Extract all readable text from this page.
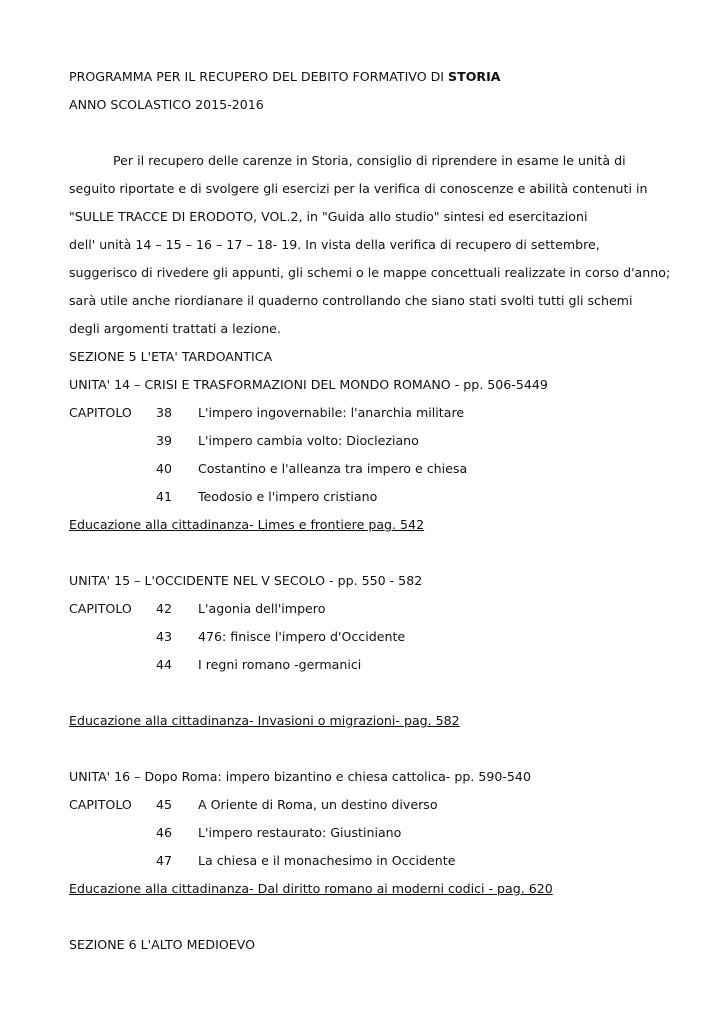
PROGRAMMA PER IL RECUPERO DEL DEBITO FORMATIVO DI STORIA
ANNO SCOLASTICO 2015-2016
Per il recupero delle carenze in Storia, consiglio di riprendere in esame le unità di
seguito riportate e di svolgere gli esercizi per la verifica di conoscenze e abilità contenuti in
"SULLE TRACCE DI ERODOTO, VOL.2, in "Guida allo studio" sintesi ed esercitazioni
dell' unità 14 – 15 – 16 – 17 – 18- 19. In vista della verifica di recupero di settembre,
suggerisco di rivedere gli appunti, gli schemi o le mappe concettuali realizzate in corso d'anno;
sarà utile anche riordianare il quaderno controllando che siano stati svolti tutti gli schemi
degli argomenti trattati a lezione.
SEZIONE 5 L'ETA' TARDOANTICA
UNITA' 14 – CRISI E TRASFORMAZIONI DEL MONDO ROMANO - pp. 506-5449
CAPITOLO 38 L'impero ingovernabile: l'anarchia militare
39 L'impero cambia volto: Diocleziano
40 Costantino e l'alleanza tra impero e chiesa
41 Teodosio e l'impero cristiano
Educazione alla cittadinanza- Limes e frontiere pag. 542
UNITA' 15 – L'OCCIDENTE NEL V SECOLO - pp. 550 - 582
CAPITOLO 42 L'agonia dell'impero
43 476: finisce l'impero d'Occidente
44 I regni romano -germanici
Educazione alla cittadinanza- Invasioni o migrazioni- pag. 582
UNITA' 16 – Dopo Roma: impero bizantino e chiesa cattolica- pp. 590-540
CAPITOLO 45 A Oriente di Roma, un destino diverso
46 L'impero restaurato: Giustiniano
47 La chiesa e il monachesimo in Occidente
Educazione alla cittadinanza- Dal diritto romano ai moderni codici - pag. 620
SEZIONE 6 L'ALTO MEDIOEVO
